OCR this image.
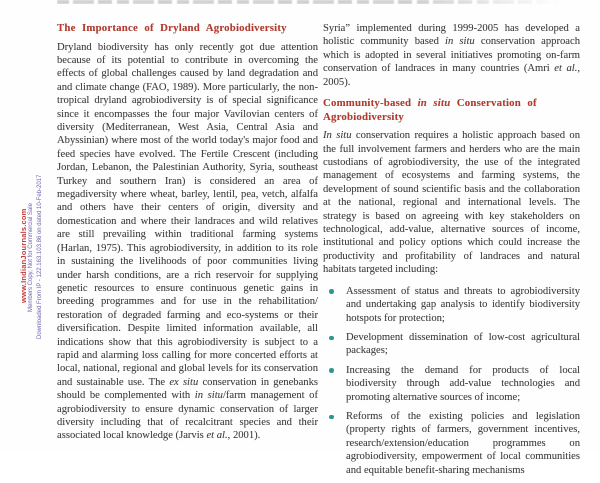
www.IndianJournals.com Members Copy, Not for Commercial Sale Downloaded From IP - 122.163.103.86 on dated 10-Feb-2017
The Importance of Dryland Agrobiodiversity

Dryland biodiversity has only recently got due attention because of its potential to contribute in overcoming the effects of global challenges caused by land degradation and and climate change (FAO, 1989). More particularly, the non-tropical dryland agrobiodiversity is of special significance since it encompasses the four major Vavilovian centers of diversity (Mediterranean, West Asia, Central Asia and Abyssinian) where most of the world today's major food and feed species have evolved. The Fertile Crescent (including Jordan, Lebanon, the Palestinian Authority, Syria, southeast Turkey and southern Iran) is considered an area of megadiversity where wheat, barley, lentil, pea, vetch, alfalfa and others have their centers of origin, diversity and domestication and where their landraces and wild relatives are still prevailing within traditional farming systems (Harlan, 1975). This agrobiodiversity, in addition to its role in sustaining the livelihoods of poor communities living under harsh conditions, are a rich reservoir for supplying genetic resources to ensure continuous genetic gains in breeding programmes and for use in the rehabilitation/ restoration of degraded farming and eco-systems or their diversification. Despite limited information available, all indications show that this agrobiodiversity is subject to a rapid and alarming loss calling for more concerted efforts at local, national, regional and global levels for its conservation and sustainable use. The ex situ conservation in genebanks should be complemented with in situ/farm management of agrobiodiversity to ensure dynamic conservation of larger diversity including that of recalcitrant species and their associated local knowledge (Jarvis et al., 2001).

Syria” implemented during 1999-2005 has developed a holistic community based in situ conservation approach which is adopted in several initiatives promoting on-farm conservation of landraces in many countries (Amri et al., 2005).

Community-based in situ Conservation of Agrobiodiversity

In situ conservation requires a holistic approach based on the full involvement farmers and herders who are the main custodians of agrobiodiversity, the use of the integrated management of ecosystems and farming systems, the development of sound scientific basis and the collaboration at the national, regional and international levels. The strategy is based on agreeing with key stakeholders on technological, add-value, alternative sources of income, institutional and policy options which could increase the productivity and profitability of landraces and natural habitats targeted including:

Assessment of status and threats to agrobiodiversity and undertaking gap analysis to identify biodiversity hotspots for protection;
Development dissemination of low-cost agricultural packages;
Increasing the demand for products of local biodiversity through add-value technologies and promoting alternative sources of income;
Reforms of the existing policies and legislation (property rights of farmers, government incentives, research/extension/education programmes on agrobiodiversity, empowerment of local communities and equitable benefit-sharing mechanisms
